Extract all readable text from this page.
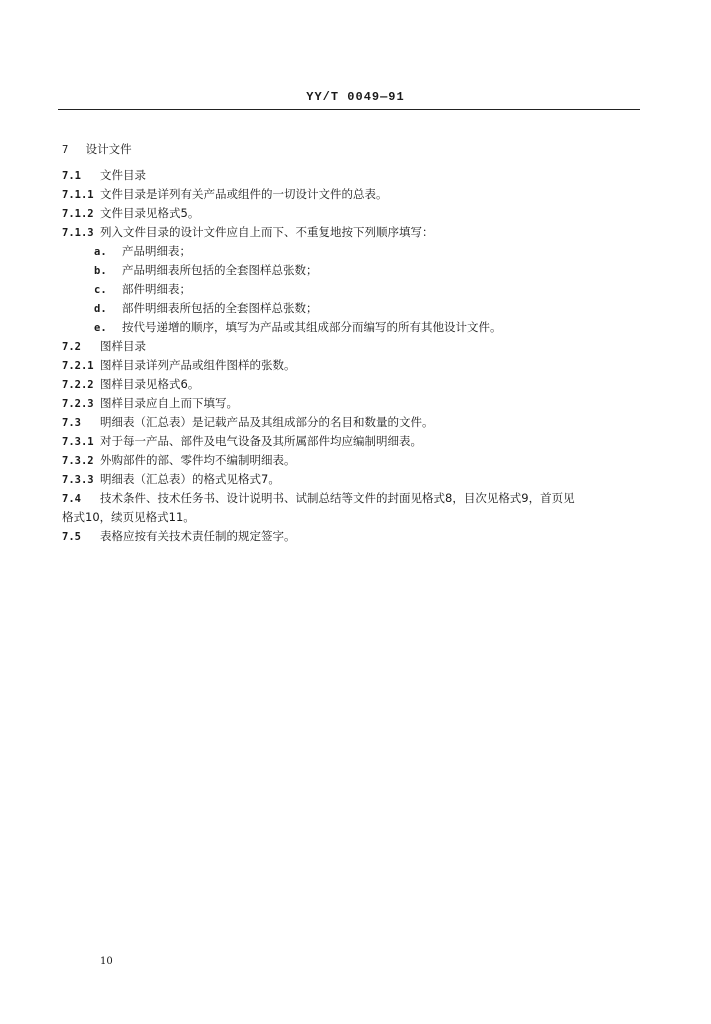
YY/T 0049—91
7 设计文件
7.1 文件目录
7.1.1 文件目录是详列有关产品或组件的一切设计文件的总表。
7.1.2 文件目录见格式5。
7.1.3 列入文件目录的设计文件应自上而下、不重复地按下列顺序填写：
a. 产品明细表；
b. 产品明细表所包括的全套图样总张数；
c. 部件明细表；
d. 部件明细表所包括的全套图样总张数；
e. 按代号递增的顺序，填写为产品或其组成部分而编写的所有其他设计文件。
7.2 图样目录
7.2.1 图样目录详列产品或组件图样的张数。
7.2.2 图样目录见格式6。
7.2.3 图样目录应自上而下填写。
7.3 明细表（汇总表）是记载产品及其组成部分的名目和数量的文件。
7.3.1 对于每一产品、部件及电气设备及其所属部件均应编制明细表。
7.3.2 外购部件的部、零件均不编制明细表。
7.3.3 明细表（汇总表）的格式见格式7。
7.4 技术条件、技术任务书、设计说明书、试制总结等文件的封面见格式8，目次见格式9，首页见
格式10，续页见格式11。
7.5 表格应按有关技术责任制的规定签字。
10
